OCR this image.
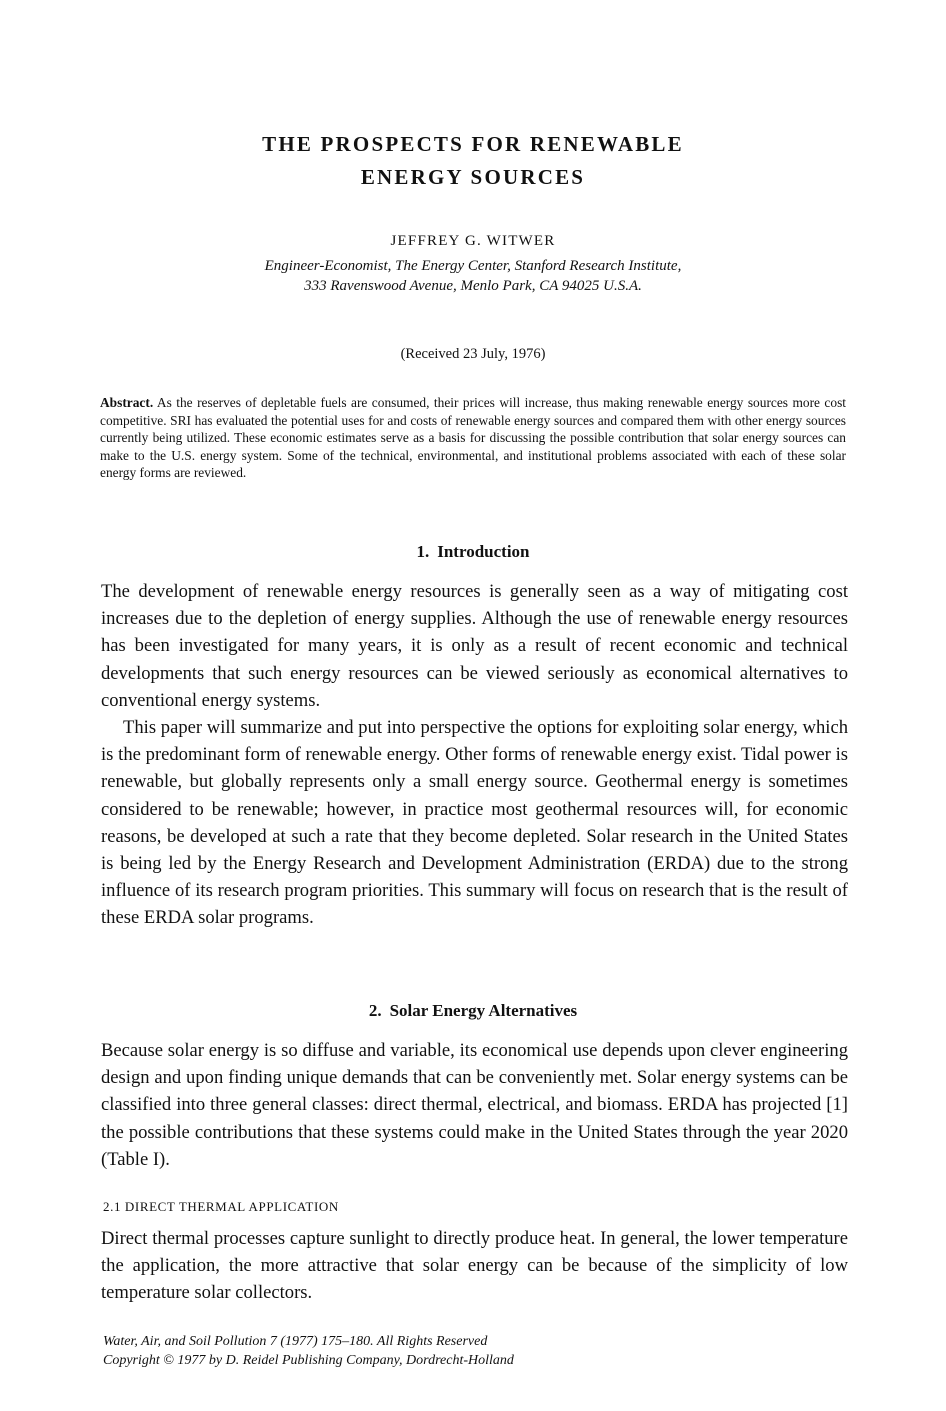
THE PROSPECTS FOR RENEWABLE
ENERGY SOURCES
JEFFREY G. WITWER
Engineer-Economist, The Energy Center, Stanford Research Institute,
333 Ravenswood Avenue, Menlo Park, CA 94025 U.S.A.
(Received 23 July, 1976)
Abstract. As the reserves of depletable fuels are consumed, their prices will increase, thus making renewable energy sources more cost competitive. SRI has evaluated the potential uses for and costs of renewable energy sources and compared them with other energy sources currently being utilized. These economic estimates serve as a basis for discussing the possible contribution that solar energy sources can make to the U.S. energy system. Some of the technical, environmental, and institutional problems associated with each of these solar energy forms are reviewed.
1. Introduction

The development of renewable energy resources is generally seen as a way of mitigating cost increases due to the depletion of energy supplies. Although the use of renewable energy resources has been investigated for many years, it is only as a result of recent economic and technical developments that such energy resources can be viewed seriously as economical alternatives to conventional energy systems.

This paper will summarize and put into perspective the options for exploiting solar energy, which is the predominant form of renewable energy. Other forms of renewable energy exist. Tidal power is renewable, but globally represents only a small energy source. Geothermal energy is sometimes considered to be renewable; however, in practice most geothermal resources will, for economic reasons, be developed at such a rate that they become depleted. Solar research in the United States is being led by the Energy Research and Development Administration (ERDA) due to the strong influence of its research program priorities. This summary will focus on research that is the result of these ERDA solar programs.

2. Solar Energy Alternatives

Because solar energy is so diffuse and variable, its economical use depends upon clever engineering design and upon finding unique demands that can be conveniently met. Solar energy systems can be classified into three general classes: direct thermal, electrical, and biomass. ERDA has projected [1] the possible contributions that these systems could make in the United States through the year 2020 (Table I).

2.1 DIRECT THERMAL APPLICATION

Direct thermal processes capture sunlight to directly produce heat. In general, the lower temperature the application, the more attractive that solar energy can be because of the simplicity of low temperature solar collectors.

Water, Air, and Soil Pollution 7 (1977) 175–180. All Rights Reserved
Copyright © 1977 by D. Reidel Publishing Company, Dordrecht-Holland
